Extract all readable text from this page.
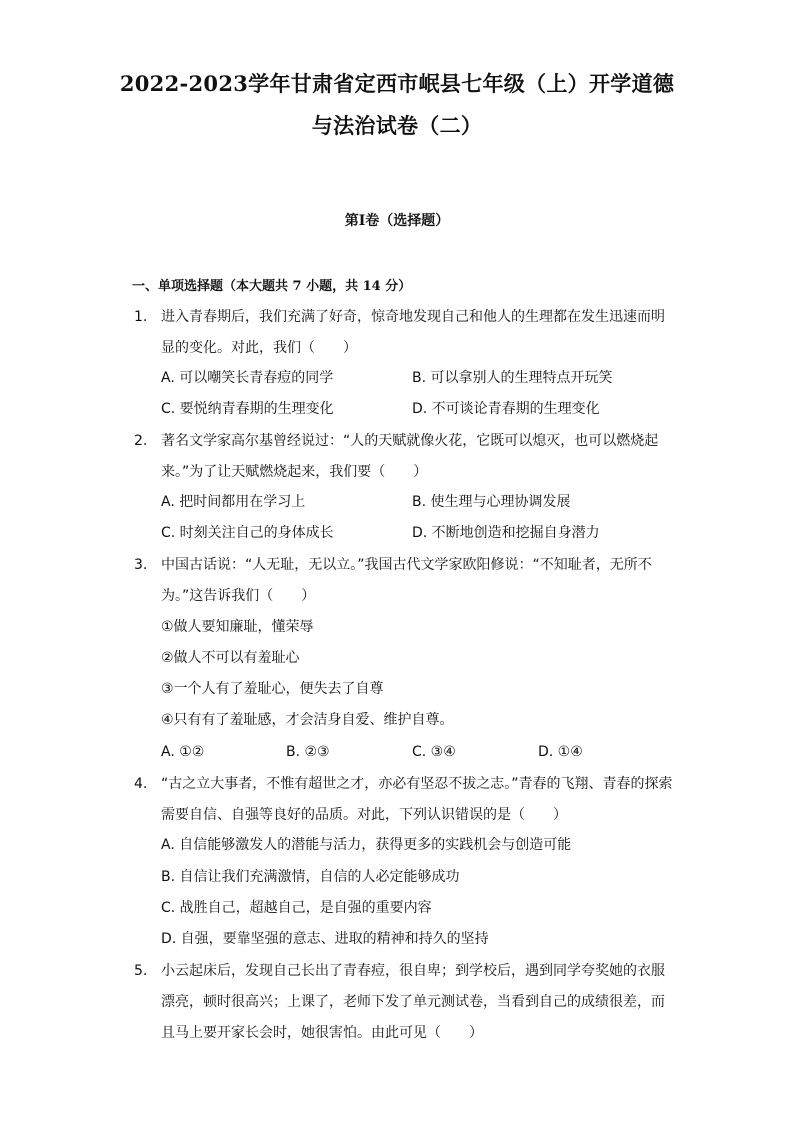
2022-2023学年甘肃省定西市岷县七年级（上）开学道德
与法治试卷（二）
第I卷（选择题）
一、单项选择题（本大题共 7 小题，共 14 分）
1. 进入青春期后，我们充满了好奇，惊奇地发现自己和他人的生理都在发生迅速而明显的变化。对此，我们（　　）
A. 可以嘲笑长青春痘的同学	B. 可以拿别人的生理特点开玩笑
C. 要悦纳青春期的生理变化	D. 不可谈论青春期的生理变化
2. 著名文学家高尔基曾经说过：“人的天赋就像火花，它既可以熄灭，也可以燃烧起来。”为了让天赋燃烧起来，我们要（　　）
A. 把时间都用在学习上	B. 使生理与心理协调发展
C. 时刻关注自己的身体成长	D. 不断地创造和挖掘自身潜力
3. 中国古话说：“人无耻，无以立。”我国古代文学家欧阳修说：“不知耻者，无所不为。”这告诉我们（　　）
①做人要知廉耻，懂荣辱
②做人不可以有羞耻心
③一个人有了羞耻心，便失去了自尊
④只有有了羞耻感，才会洁身自爱、维护自尊。
A. ①②	B. ②③	C. ③④	D. ①④
4. “古之立大事者，不惟有超世之才，亦必有坚忍不拔之志。”青春的飞翔、青春的探索需要自信、自强等良好的品质。对此，下列认识错误的是（　　）
A. 自信能够激发人的潜能与活力，获得更多的实践机会与创造可能
B. 自信让我们充满激情，自信的人必定能够成功
C. 战胜自己，超越自己，是自强的重要内容
D. 自强，要靠坚强的意志、进取的精神和持久的坚持
5. 小云起床后，发现自己长出了青春痘，很自卑；到学校后，遇到同学夸奖她的衣服漂亮，顿时很高兴；上课了，老师下发了单元测试卷，当看到自己的成绩很差，而且马上要开家长会时，她很害怕。由此可见（　　）
